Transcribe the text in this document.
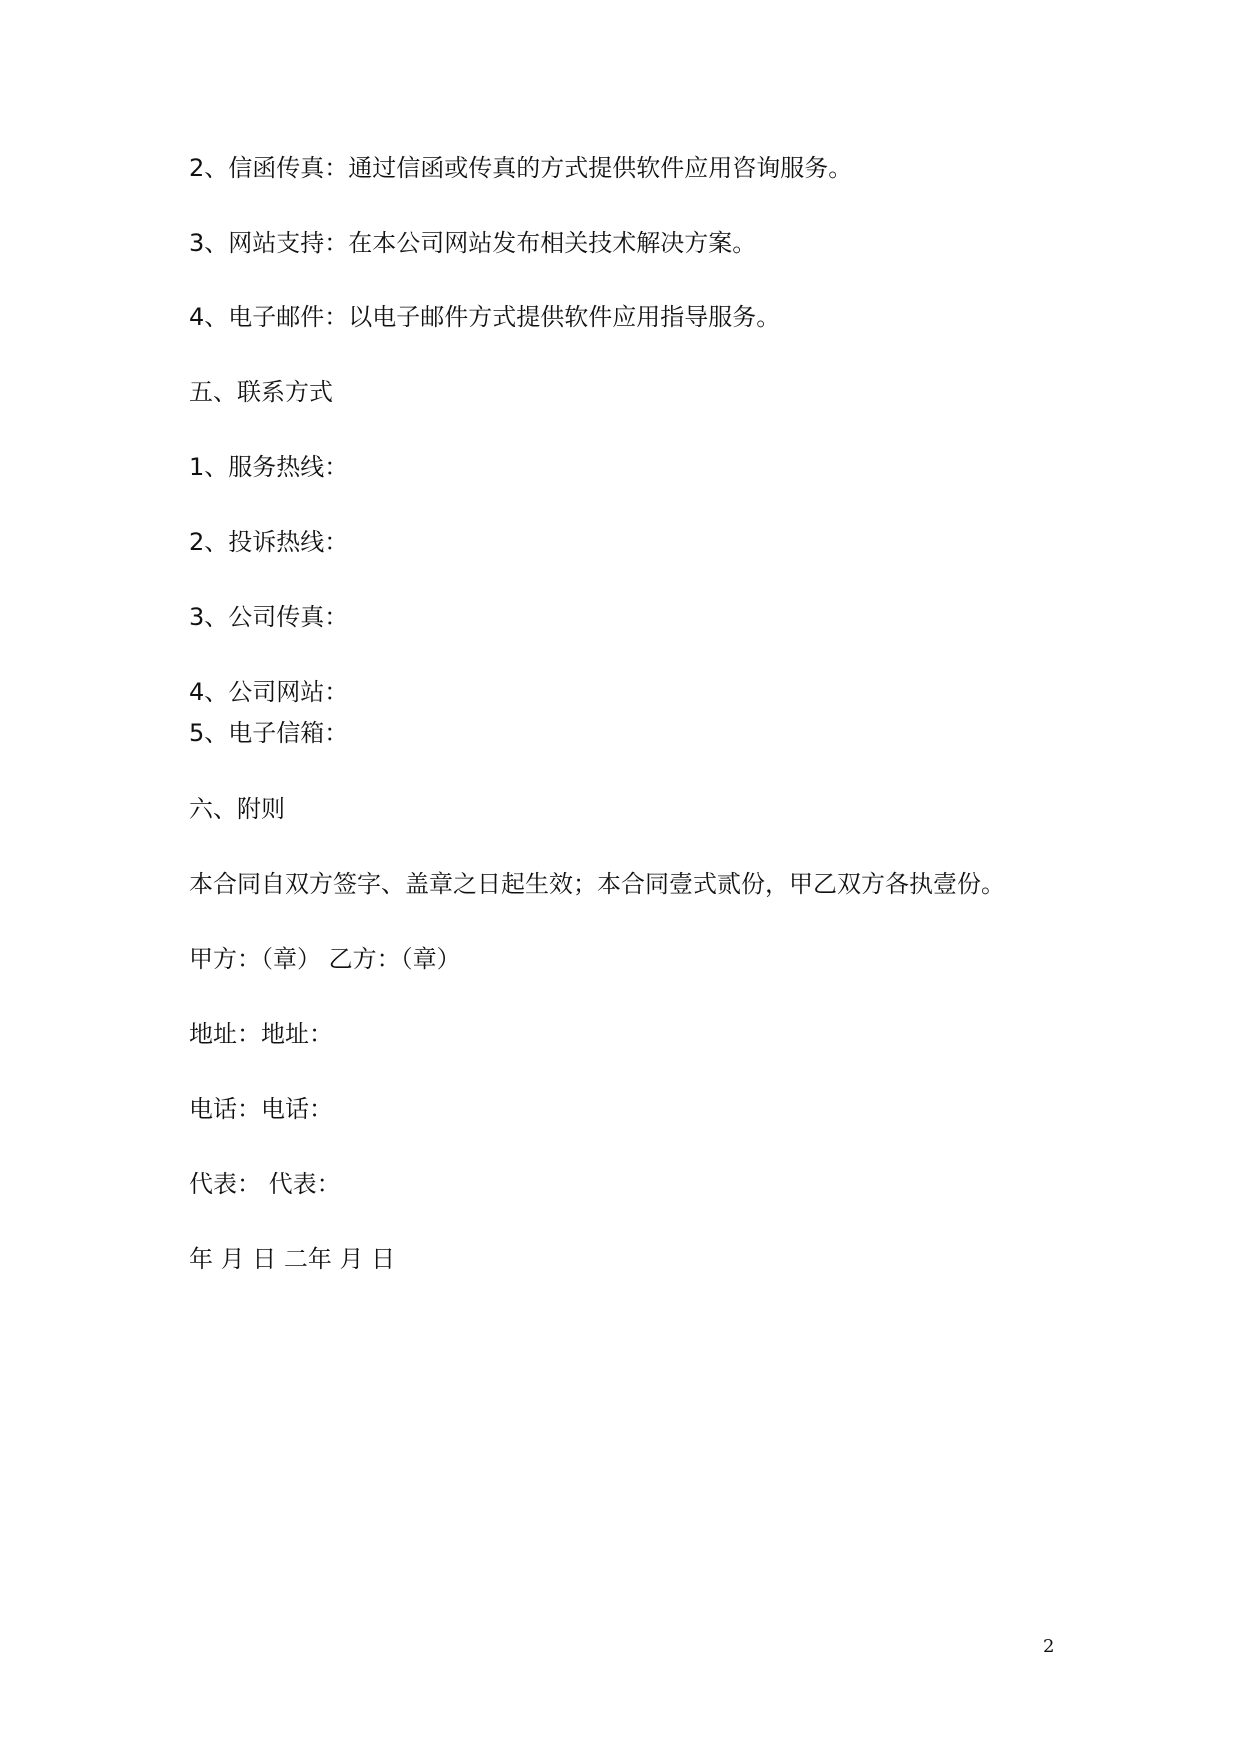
2、信函传真：通过信函或传真的方式提供软件应用咨询服务。
3、网站支持：在本公司网站发布相关技术解决方案。
4、电子邮件：以电子邮件方式提供软件应用指导服务。
五、联系方式
1、服务热线：
2、投诉热线：
3、公司传真：
4、公司网站：
5、电子信箱：
六、附则
本合同自双方签字、盖章之日起生效；本合同壹式贰份，甲乙双方各执壹份。
甲方：（章） 乙方：（章）
地址：地址：
电话：电话：
代表： 代表：
年 月 日 二年 月 日
2
